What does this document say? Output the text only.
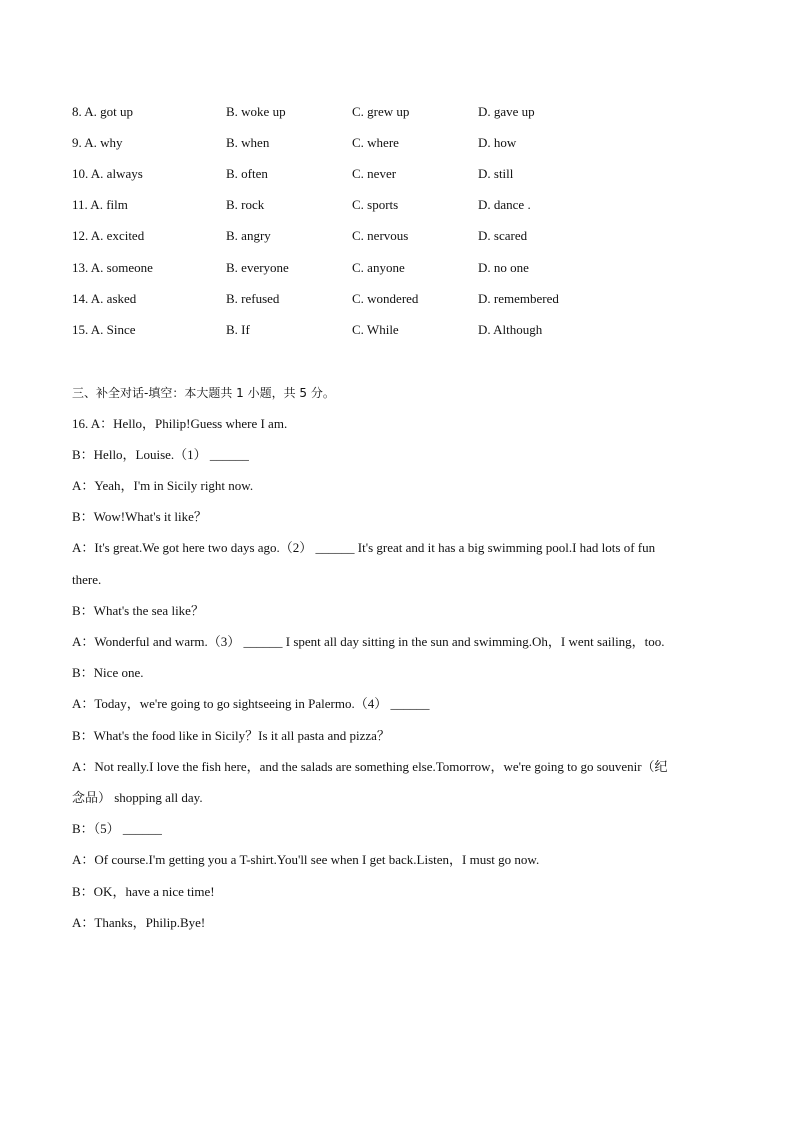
8. A. got up	B. woke up	C. grew up	D. gave up
9. A. why	B. when	C. where	D. how
10. A. always	B. often	C. never	D. still
11. A. film	B. rock	C. sports	D. dance .
12. A. excited	B. angry	C. nervous	D. scared
13. A. someone	B. everyone	C. anyone	D. no one
14. A. asked	B. refused	C. wondered	D. remembered
15. A. Since	B. If	C. While	D. Although
三、补全对话-填空：本大题共 1 小题，共 5 分。
16. A：Hello，Philip!Guess where I am.
B：Hello，Louise.（1） ______
A：Yeah，I'm in Sicily right now.
B：Wow!What's it like？
A：It's great.We got here two days ago.（2） ______ It's great and it has a big swimming pool.I had lots of fun
there.
B：What's the sea like？
A：Wonderful and warm.（3） ______ I spent all day sitting in the sun and swimming.Oh，I went sailing，too.
B：Nice one.
A：Today，we're going to go sightseeing in Palermo.（4） ______
B：What's the food like in Sicily？Is it all pasta and pizza？
A：Not really.I love the fish here，and the salads are something else.Tomorrow，we're going to go souvenir（纪
念品） shopping all day.
B：（5） ______
A：Of course.I'm getting you a T-shirt.You'll see when I get back.Listen，I must go now.
B：OK，have a nice time!
A：Thanks，Philip.Bye!
